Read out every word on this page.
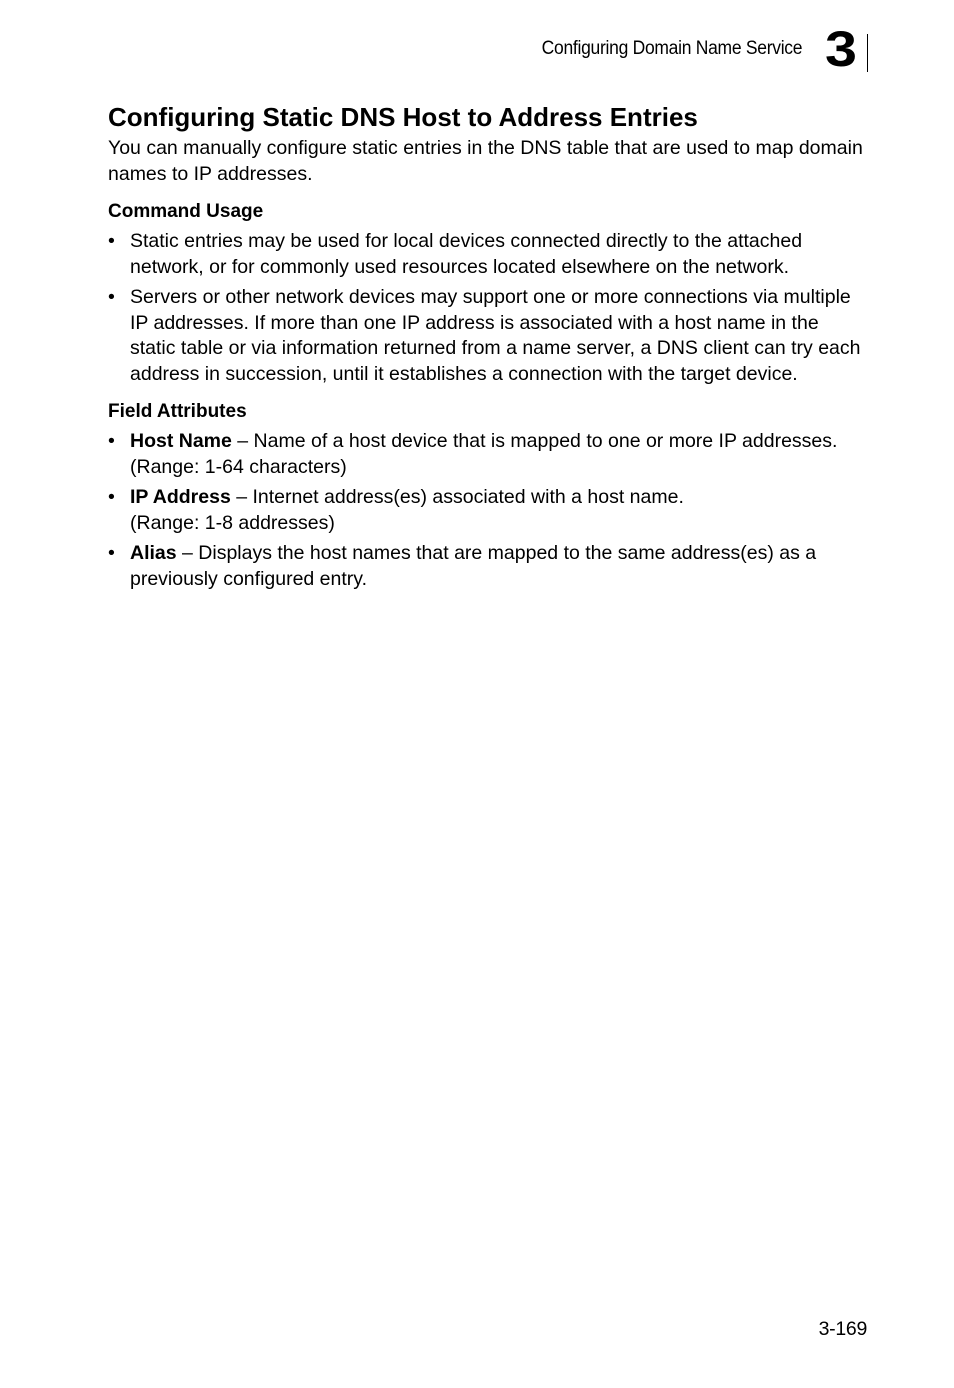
Configuring Domain Name Service 3
Configuring Static DNS Host to Address Entries

You can manually configure static entries in the DNS table that are used to map domain names to IP addresses.

Command Usage
• Static entries may be used for local devices connected directly to the attached network, or for commonly used resources located elsewhere on the network.
• Servers or other network devices may support one or more connections via multiple IP addresses. If more than one IP address is associated with a host name in the static table or via information returned from a name server, a DNS client can try each address in succession, until it establishes a connection with the target device.
Field Attributes
• Host Name – Name of a host device that is mapped to one or more IP addresses.
(Range: 1-64 characters)
• IP Address – Internet address(es) associated with a host name.
(Range: 1-8 addresses)
• Alias – Displays the host names that are mapped to the same address(es) as a previously configured entry.
3-169
